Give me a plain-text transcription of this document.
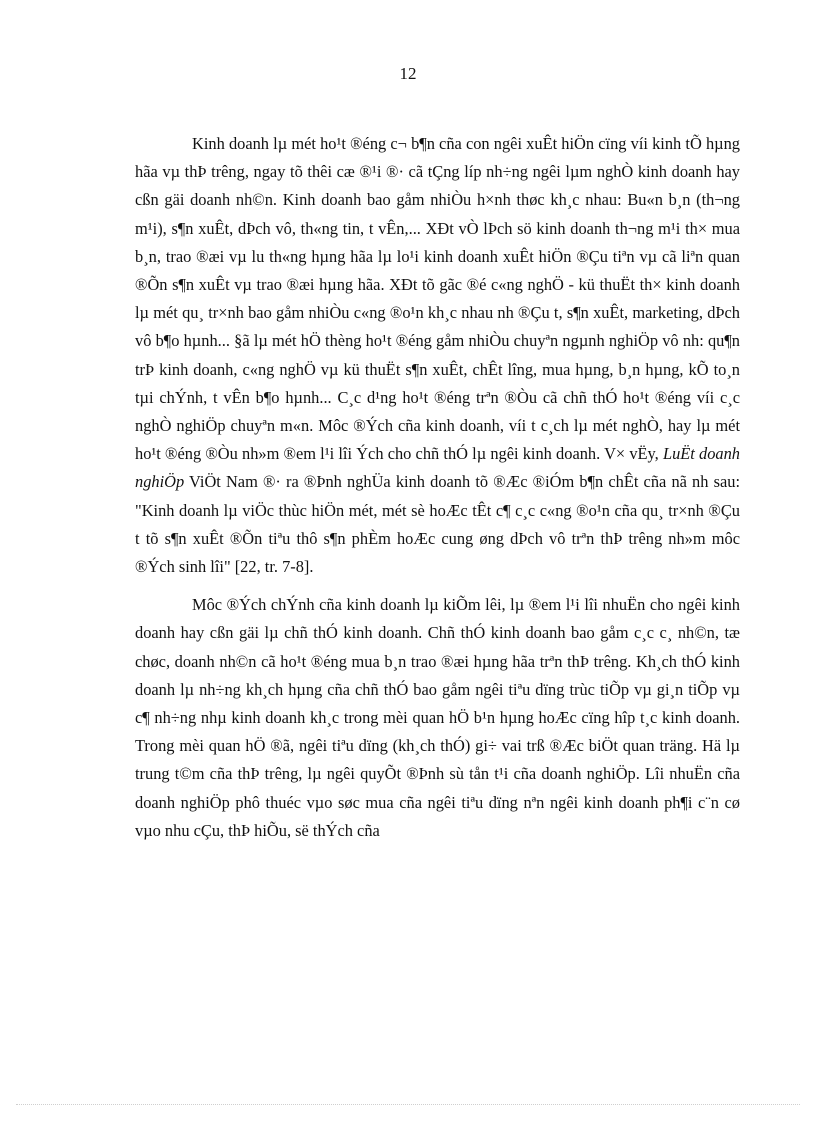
12

Kinh doanh lµ mét ho¹t ®éng c¬ b¶n cña con ngêi xuÊt hiÖn cïng víi kinh tÕ hµng hãa vµ thÞ trêng, ngay tõ thêi cæ ®¹i ®· cã tÇng líp nh÷ng ngêi lµm nghÒ kinh doanh hay cßn gäi doanh nh©n. Kinh doanh bao gåm nhiÒu h×nh thøc kh¸c nhau: Bu«n b¸n (th¬ng m¹i), s¶n xuÊt, dÞch vô, th«ng tin, t vÊn,... XÐt vÒ lÞch sö kinh doanh th¬ng m¹i th× mua b¸n, trao ®æi vµ lu th«ng hµng hãa lµ lo¹i kinh doanh xuÊt hiÖn ®Çu tiªn vµ cã liªn quan ®Õn s¶n xuÊt vµ trao ®æi hµng hãa. XÐt tõ gãc ®é c«ng nghÖ - kü thuËt th× kinh doanh lµ mét qu¸ tr×nh bao gåm nhiÒu c«ng ®o¹n kh¸c nhau nh ®Çu t, s¶n xuÊt, marketing, dÞch vô b¶o hµnh... §ã lµ mét hÖ thèng ho¹t ®éng gåm nhiÒu chuyªn ngµnh nghiÖp vô nh: qu¶n trÞ kinh doanh, c«ng nghÖ vµ kü thuËt s¶n xuÊt, chÊt lîng, mua hµng, b¸n hµng, kÕ to¸n tµi chÝnh, t vÊn b¶o hµnh... C¸c d¹ng ho¹t ®éng trªn ®Òu cã chñ thÓ ho¹t ®éng víi c¸c nghÒ nghiÖp chuyªn m«n. Môc ®Ých cña kinh doanh, víi t c¸ch lµ mét nghÒ, hay lµ mét ho¹t ®éng ®Òu nh»m ®em l¹i lîi Ých cho chñ thÓ lµ ngêi kinh doanh. V× vËy, LuËt doanh nghiÖp ViÖt Nam ®· ra ®Þnh nghÜa kinh doanh tõ ®Æc ®iÓm b¶n chÊt cña nã nh sau: "Kinh doanh lµ viÖc thùc hiÖn mét, mét sè hoÆc tÊt c¶ c¸c c«ng ®o¹n cña qu¸ tr×nh ®Çu t tõ s¶n xuÊt ®Õn tiªu thô s¶n phÈm hoÆc cung øng dÞch vô trªn thÞ trêng nh»m môc ®Ých sinh lîi" [22, tr. 7-8].

Môc ®Ých chÝnh cña kinh doanh lµ kiÕm lêi, lµ ®em l¹i lîi nhuËn cho ngêi kinh doanh hay cßn gäi lµ chñ thÓ kinh doanh. Chñ thÓ kinh doanh bao gåm c¸c c¸ nh©n, tæ chøc, doanh nh©n cã ho¹t ®éng mua b¸n trao ®æi hµng hãa trªn thÞ trêng. Kh¸ch thÓ kinh doanh lµ nh÷ng kh¸ch hµng cña chñ thÓ bao gåm ngêi tiªu dïng trùc tiÕp vµ gi¸n tiÕp vµ c¶ nh÷ng nhµ kinh doanh kh¸c trong mèi quan hÖ b¹n hµng hoÆc cïng hîp t¸c kinh doanh. Trong mèi quan hÖ ®ã, ngêi tiªu dïng (kh¸ch thÓ) gi÷ vai trß ®Æc biÖt quan träng. Hä lµ trung t©m cña thÞ trêng, lµ ngêi quyÕt ®Þnh sù tån t¹i cña doanh nghiÖp. Lîi nhuËn cña doanh nghiÖp phô thuéc vµo søc mua cña ngêi tiªu dïng nªn ngêi kinh doanh ph¶i c¨n cø vµo nhu cÇu, thÞ hiÕu, së thÝch cña
